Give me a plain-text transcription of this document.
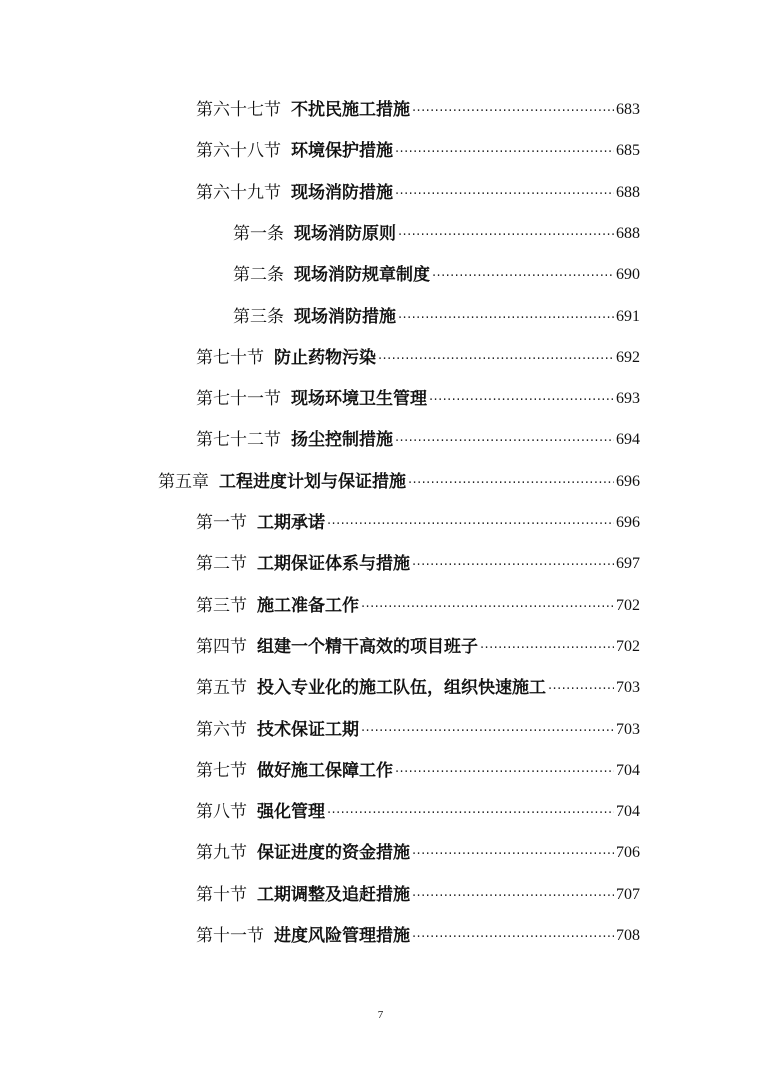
第六十七节 不扰民施工措施 .....	683
第六十八节 环境保护措施 .....	685
第六十九节 现场消防措施 .....	688
第一条 现场消防原则 .....	688
第二条 现场消防规章制度 .....	690
第三条 现场消防措施 .....	691
第七十节 防止药物污染 .....	692
第七十一节 现场环境卫生管理 .....	693
第七十二节 扬尘控制措施 .....	694
第五章 工程进度计划与保证措施 .....	696
第一节 工期承诺 .....	696
第二节 工期保证体系与措施 .....	697
第三节 施工准备工作 .....	702
第四节 组建一个精干高效的项目班子 .....	702
第五节 投入专业化的施工队伍，组织快速施工 .....	703
第六节 技术保证工期 .....	703
第七节 做好施工保障工作 .....	704
第八节 强化管理 .....	704
第九节 保证进度的资金措施 .....	706
第十节 工期调整及追赶措施 .....	707
第十一节 进度风险管理措施 .....	708
7
